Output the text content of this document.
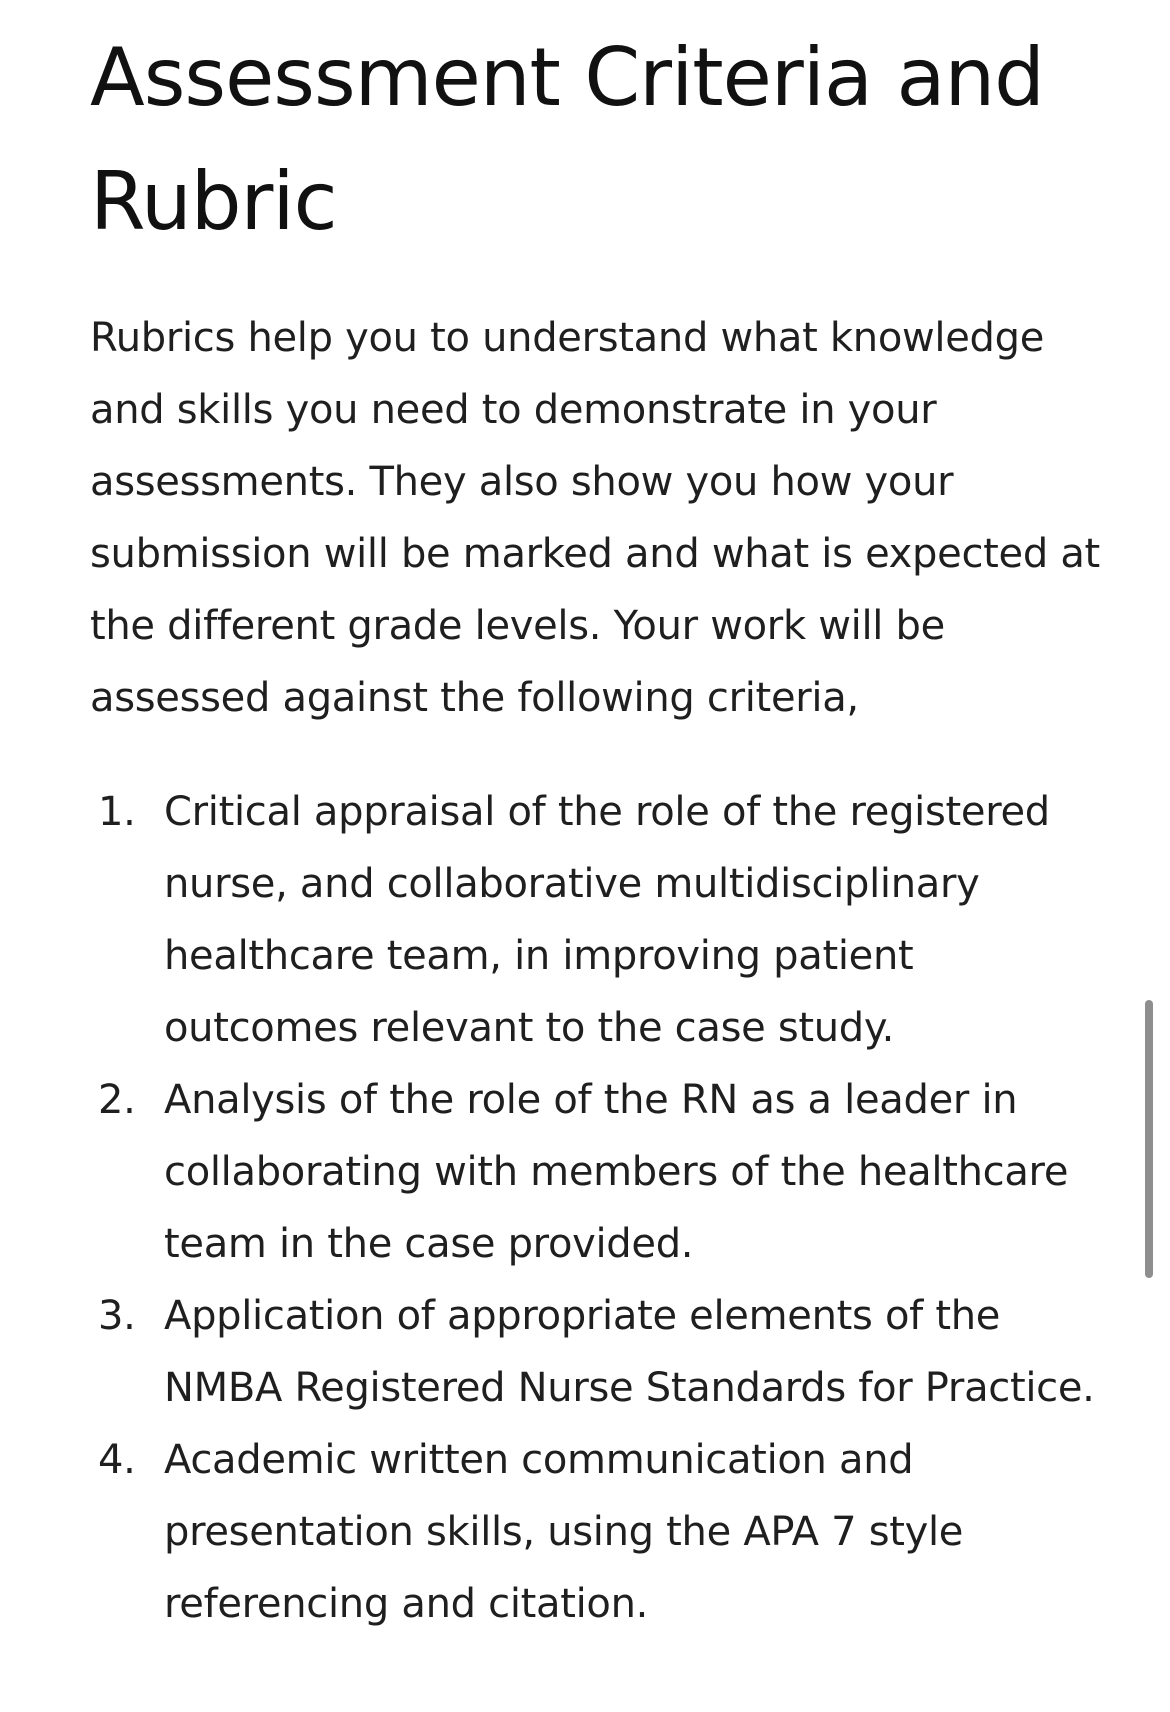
Assessment Criteria and Rubric

Rubrics help you to understand what knowledge and skills you need to demonstrate in your assessments. They also show you how your submission will be marked and what is expected at the different grade levels. Your work will be assessed against the following criteria,

1. Critical appraisal of the role of the registered nurse, and collaborative multidisciplinary healthcare team, in improving patient outcomes relevant to the case study.
2. Analysis of the role of the RN as a leader in collaborating with members of the healthcare team in the case provided.
3. Application of appropriate elements of the NMBA Registered Nurse Standards for Practice.
4. Academic written communication and presentation skills, using the APA 7 style referencing and citation.
